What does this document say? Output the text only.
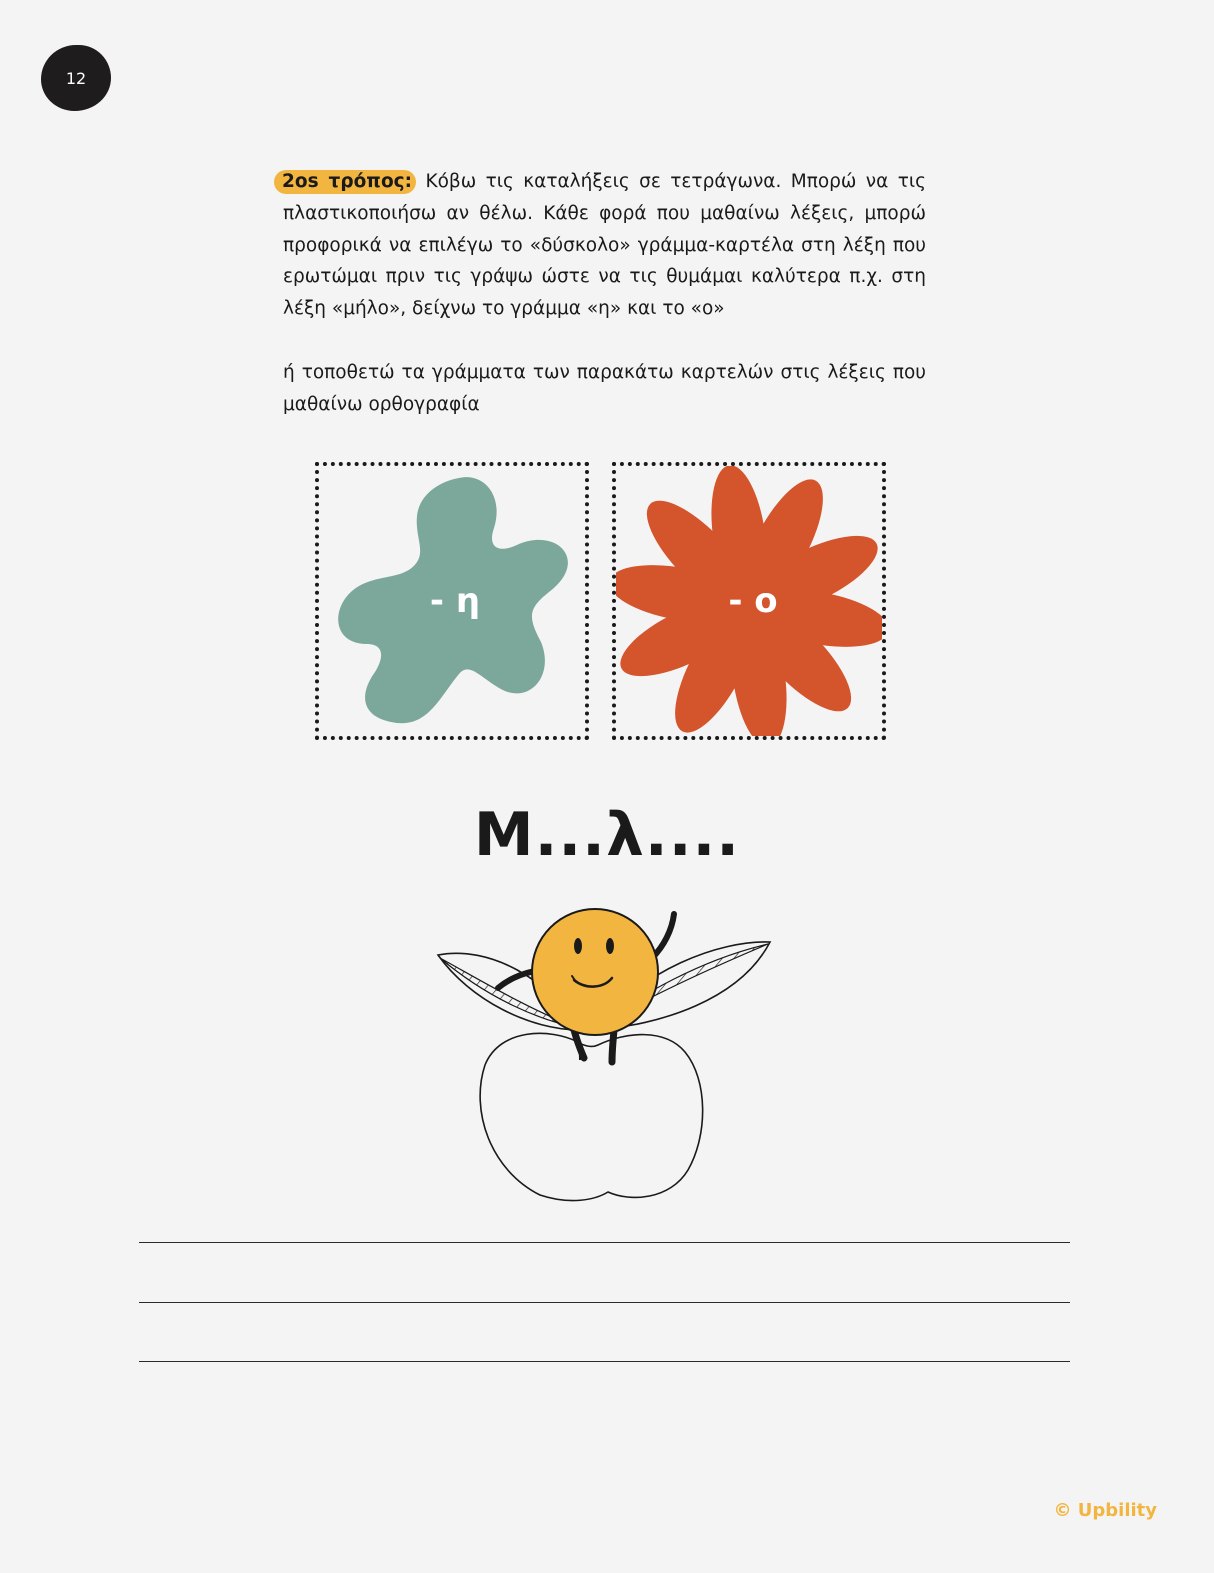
12

2οs τρόπος: Κόβω τις καταλήξεις σε τετράγωνα. Μπορώ να τις πλαστικοποιήσω αν θέλω. Κάθε φορά που μαθαίνω λέξεις, μπορώ προφορικά να επιλέγω το «δύσκολο» γράμμα-καρτέλα στη λέξη που ερωτώμαι πριν τις γράψω ώστε να τις θυμάμαι καλύτερα π.χ. στη λέξη «μήλο», δείχνω το γράμμα «η» και το «ο»

ή τοποθετώ τα γράμματα των παρακάτω καρτελών στις λέξεις που μαθαίνω ορθογραφία

- η	- ο
Μ...λ....
© Upbility
